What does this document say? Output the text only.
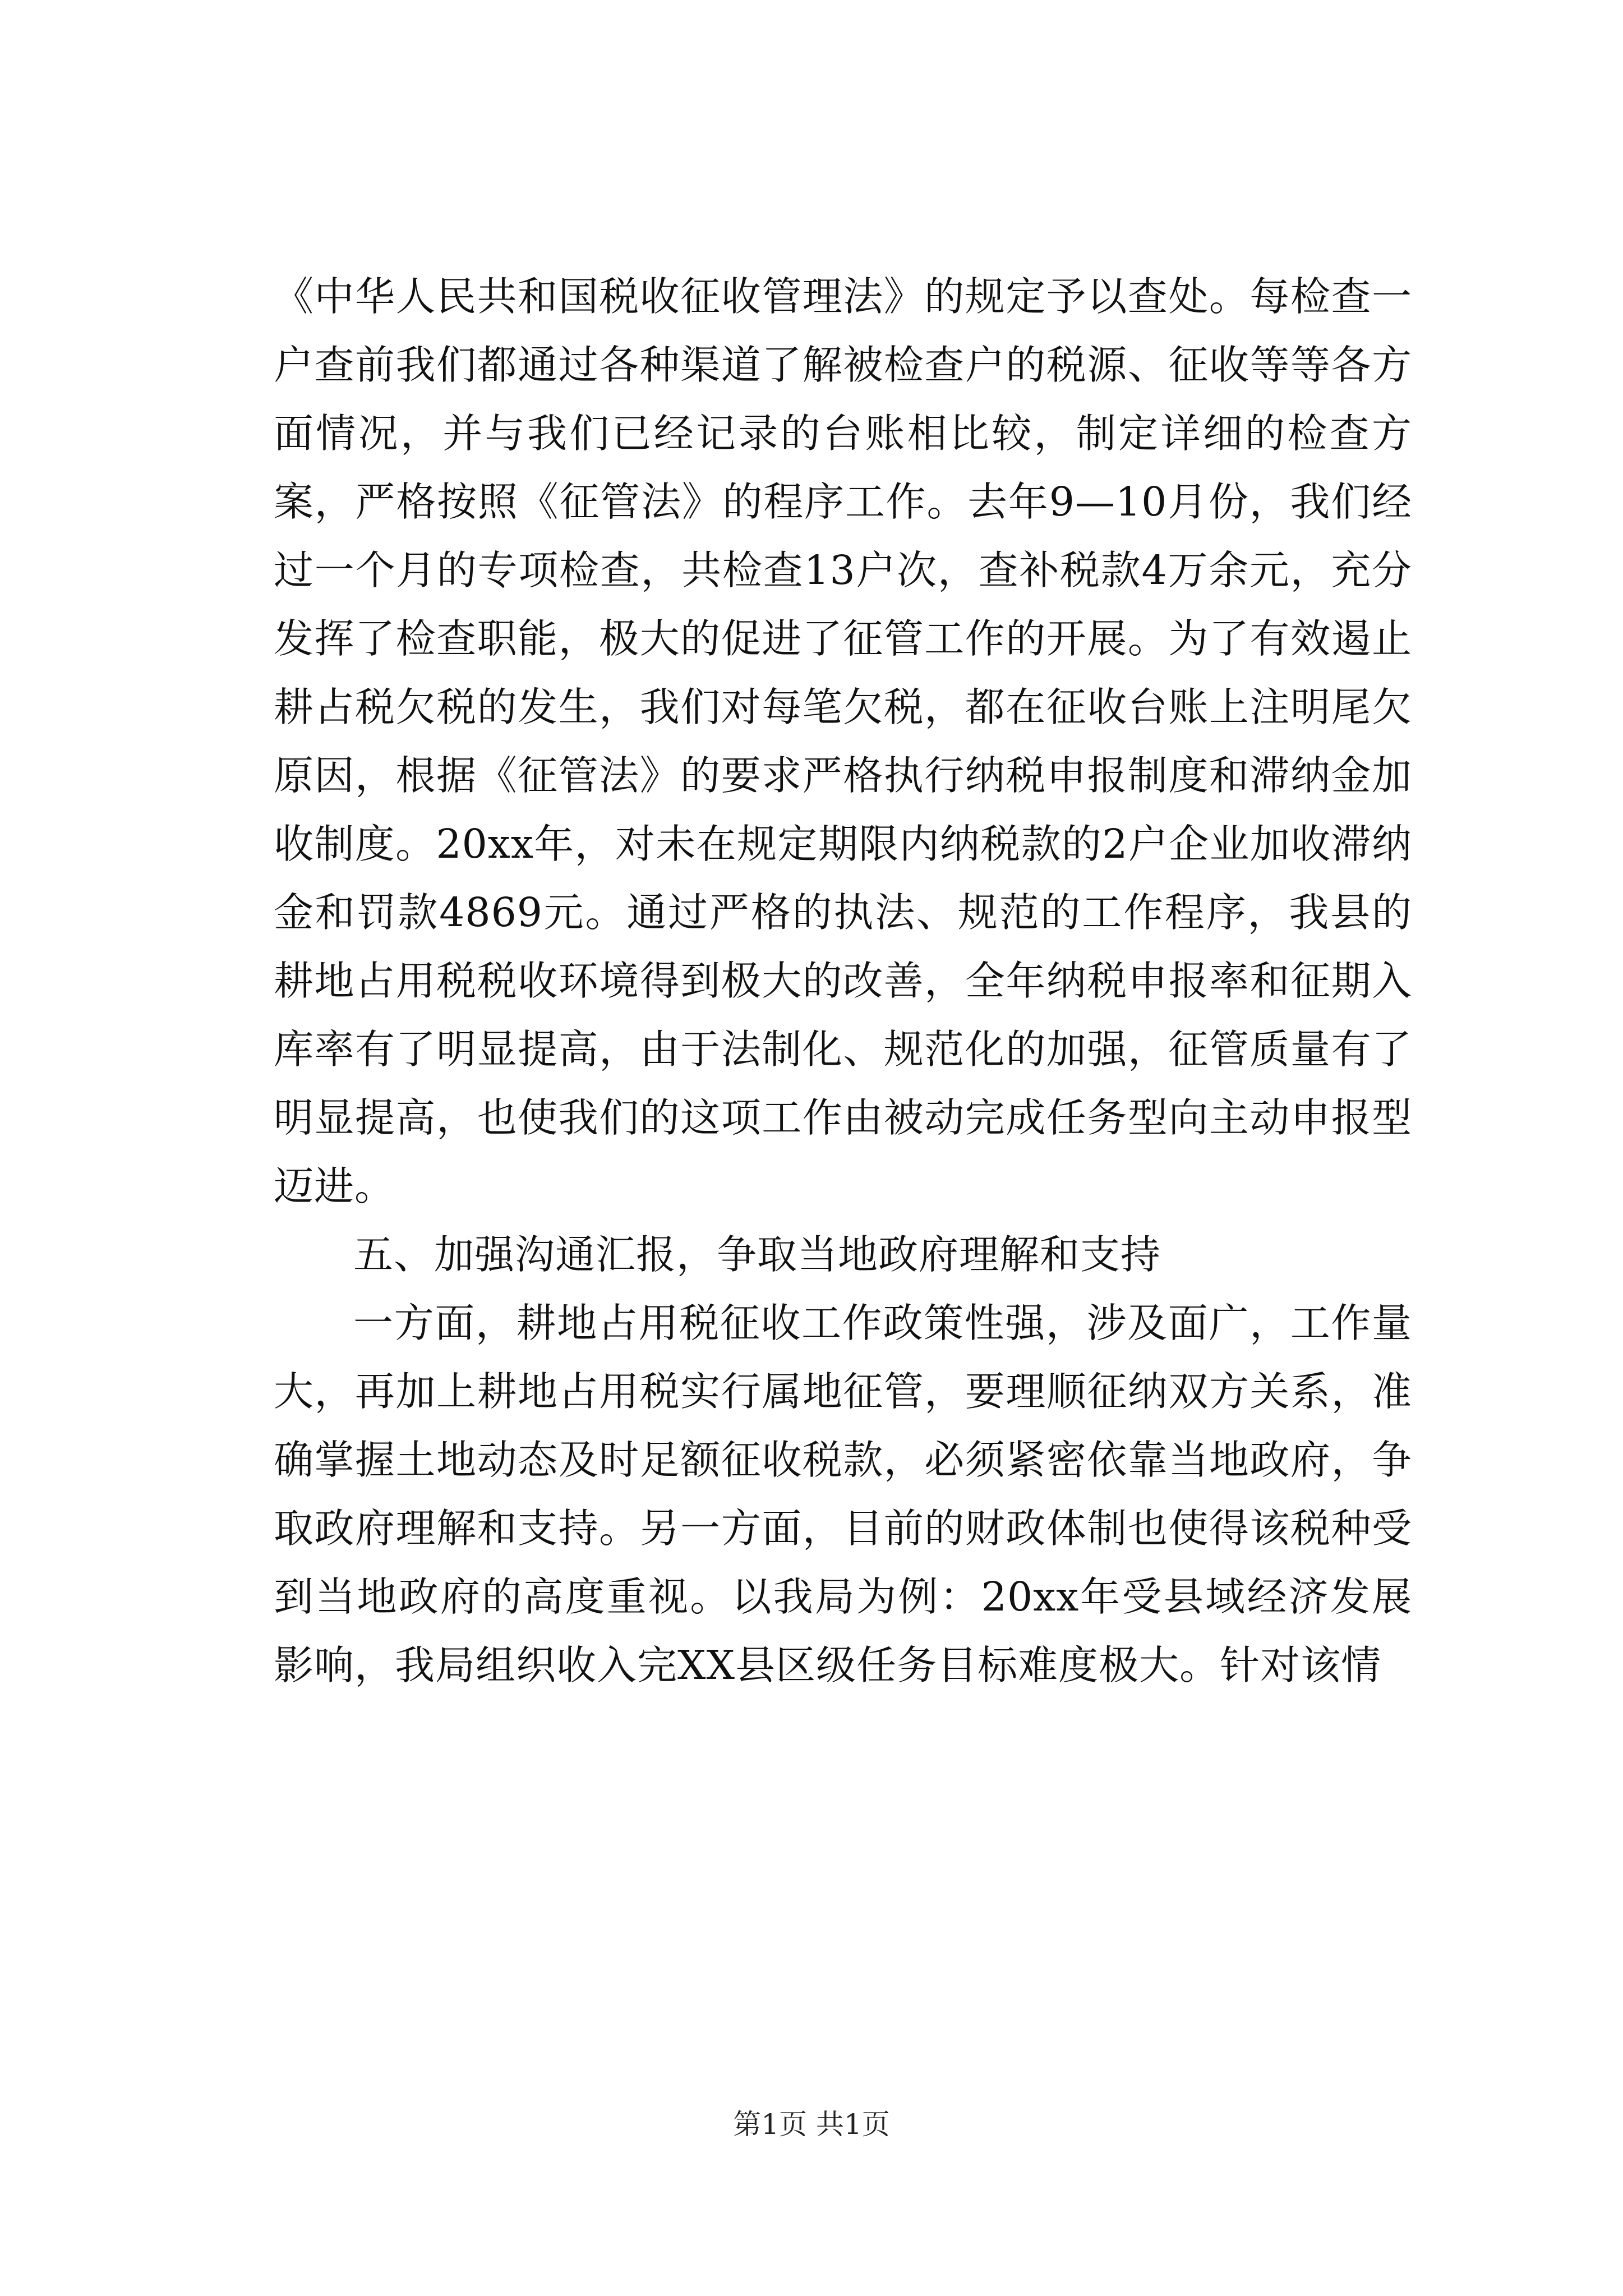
《中华人民共和国税收征收管理法》的规定予以查处。每检查一户查前我们都通过各种渠道了解被检查户的税源、征收等等各方面情况，并与我们已经记录的台账相比较，制定详细的检查方案，严格按照《征管法》的程序工作。去年9—10月份，我们经过一个月的专项检查，共检查13户次，查补税款4万余元，充分发挥了检查职能，极大的促进了征管工作的开展。为了有效遏止耕占税欠税的发生，我们对每笔欠税，都在征收台账上注明尾欠原因，根据《征管法》的要求严格执行纳税申报制度和滞纳金加收制度。20xx年，对未在规定期限内纳税款的2户企业加收滞纳金和罚款4869元。通过严格的执法、规范的工作程序，我县的耕地占用税税收环境得到极大的改善，全年纳税申报率和征期入库率有了明显提高，由于法制化、规范化的加强，征管质量有了明显提高，也使我们的这项工作由被动完成任务型向主动申报型迈进。

五、加强沟通汇报，争取当地政府理解和支持

一方面，耕地占用税征收工作政策性强，涉及面广，工作量大，再加上耕地占用税实行属地征管，要理顺征纳双方关系，准确掌握土地动态及时足额征收税款，必须紧密依靠当地政府，争取政府理解和支持。另一方面，目前的财政体制也使得该税种受到当地政府的高度重视。以我局为例：20xx年受县域经济发展影响，我局组织收入完XX县区级任务目标难度极大。针对该情

第1页 共1页
